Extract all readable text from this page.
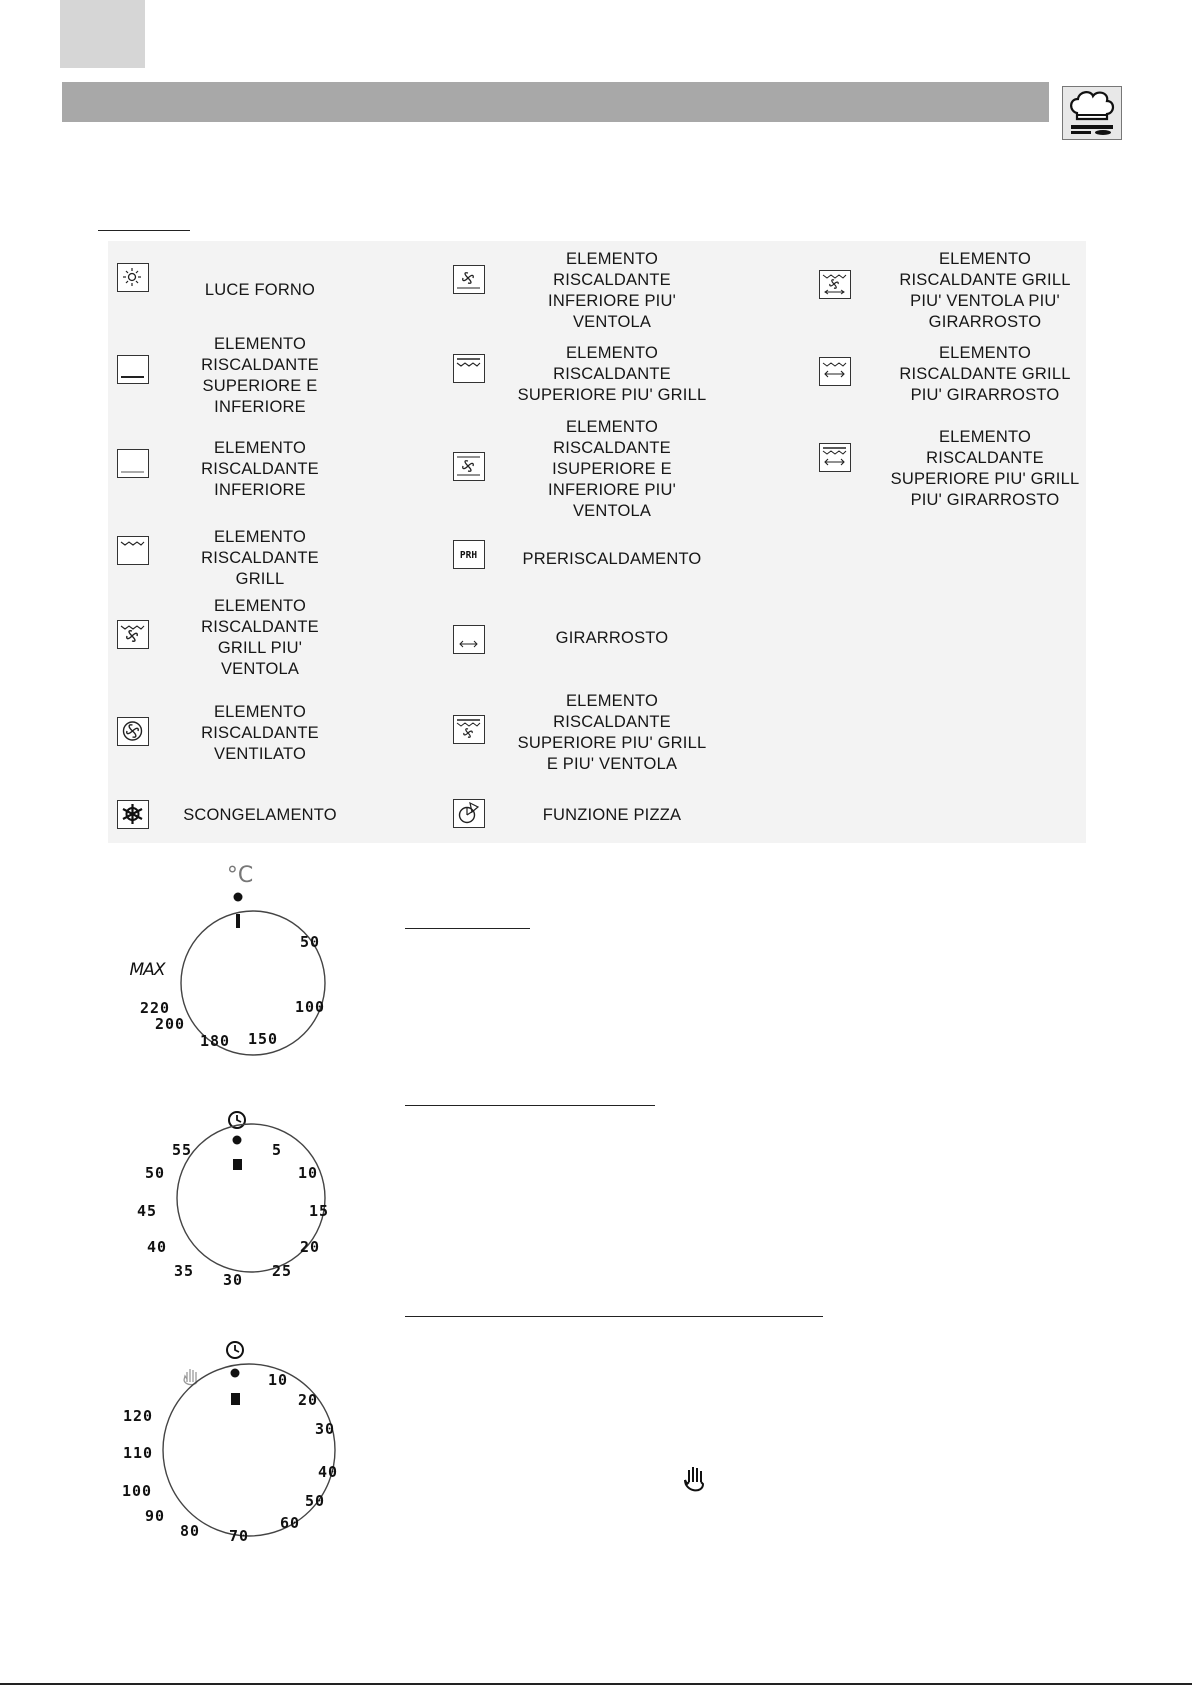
LUCE FORNO
ELEMENTO
RISCALDANTE
SUPERIORE E
INFERIORE
ELEMENTO
RISCALDANTE
INFERIORE
ELEMENTO
RISCALDANTE
GRILL
ELEMENTO
RISCALDANTE
GRILL PIU'
VENTOLA
ELEMENTO
RISCALDANTE
VENTILATO
SCONGELAMENTO
ELEMENTO
RISCALDANTE
INFERIORE PIU'
VENTOLA
ELEMENTO
RISCALDANTE
SUPERIORE PIU' GRILL
ELEMENTO
RISCALDANTE
ISUPERIORE E
INFERIORE PIU'
VENTOLA
PRH	PRERISCALDAMENTO
GIRARROSTO
ELEMENTO
RISCALDANTE
SUPERIORE PIU' GRILL
E PIU' VENTOLA
FUNZIONE PIZZA
ELEMENTO
RISCALDANTE GRILL
PIU' VENTOLA PIU'
GIRARROSTO
ELEMENTO
RISCALDANTE GRILL
PIU' GIRARROSTO
ELEMENTO
RISCALDANTE
SUPERIORE PIU' GRILL
PIU' GIRARROSTO
°C
MAX
50
100
150
180
200
220
5
10
15
20
25
30
35
40
45
50
55
10
20
30
40
50
60
70
80
90
100
110
120
